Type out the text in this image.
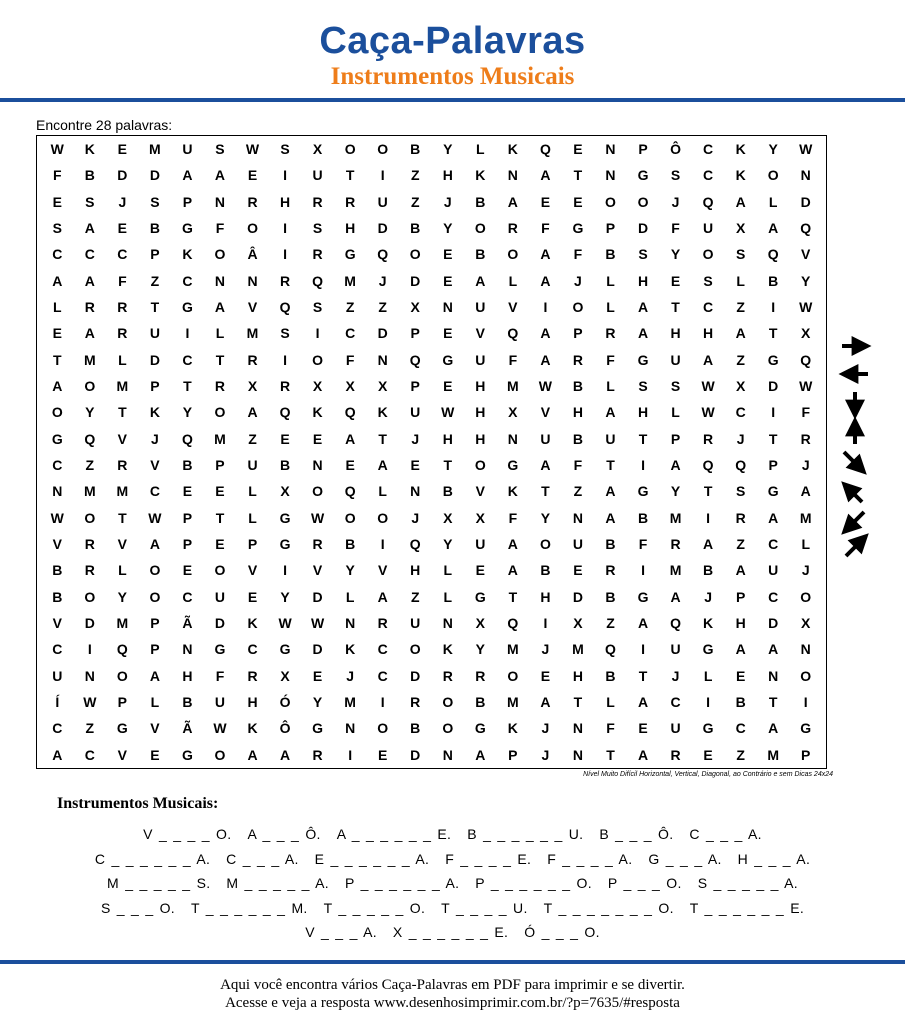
Caça-Palavras
Instrumentos Musicais
Encontre 28 palavras:
W	K	E	M	U	S	W	S	X	O	O	B	Y	L	K	Q	E	N	P	Ô	C	K	Y	W
F	B	D	D	A	A	E	I	U	T	I	Z	H	K	N	A	T	N	G	S	C	K	O	N
E	S	J	S	P	N	R	H	R	R	U	Z	J	B	A	E	E	O	O	J	Q	A	L	D
S	A	E	B	G	F	O	I	S	H	D	B	Y	O	R	F	G	P	D	F	U	X	A	Q
C	C	C	P	K	O	Â	I	R	G	Q	O	E	B	O	A	F	B	S	Y	O	S	Q	V
A	A	F	Z	C	N	N	R	Q	M	J	D	E	A	L	A	J	L	H	E	S	L	B	Y
L	R	R	T	G	A	V	Q	S	Z	Z	X	N	U	V	I	O	L	A	T	C	Z	I	W
E	A	R	U	I	L	M	S	I	C	D	P	E	V	Q	A	P	R	A	H	H	A	T	X
T	M	L	D	C	T	R	I	O	F	N	Q	G	U	F	A	R	F	G	U	A	Z	G	Q
A	O	M	P	T	R	X	R	X	X	X	P	E	H	M	W	B	L	S	S	W	X	D	W
O	Y	T	K	Y	O	A	Q	K	Q	K	U	W	H	X	V	H	A	H	L	W	C	I	F
G	Q	V	J	Q	M	Z	E	E	A	T	J	H	H	N	U	B	U	T	P	R	J	T	R
C	Z	R	V	B	P	U	B	N	E	A	E	T	O	G	A	F	T	I	A	Q	Q	P	J
N	M	M	C	E	E	L	X	O	Q	L	N	B	V	K	T	Z	A	G	Y	T	S	G	A
W	O	T	W	P	T	L	G	W	O	O	J	X	X	F	Y	N	A	B	M	I	R	A	M
V	R	V	A	P	E	P	G	R	B	I	Q	Y	U	A	O	U	B	F	R	A	Z	C	L
B	R	L	O	E	O	V	I	V	Y	V	H	L	E	A	B	E	R	I	M	B	A	U	J
B	O	Y	O	C	U	E	Y	D	L	A	Z	L	G	T	H	D	B	G	A	J	P	C	O
V	D	M	P	Ã	D	K	W	W	N	R	U	N	X	Q	I	X	Z	A	Q	K	H	D	X
C	I	Q	P	N	G	C	G	D	K	C	O	K	Y	M	J	M	Q	I	U	G	A	A	N
U	N	O	A	H	F	R	X	E	J	C	D	R	R	O	E	H	B	T	J	L	E	N	O
Í	W	P	L	B	U	H	Ó	Y	M	I	R	O	B	M	A	T	L	A	C	I	B	T	I
C	Z	G	V	Ã	W	K	Ô	G	N	O	B	O	G	K	J	N	F	E	U	G	C	A	G
A	C	V	E	G	O	A	A	R	I	E	D	N	A	P	J	N	T	A	R	E	Z	M	P
Nível Muito Difícil Horizontal, Vertical, Diagonal, ao Contrário e sem Dicas 24x24
Instrumentos Musicais:
V _ _ _ _ O. A _ _ _ Ô. A _ _ _ _ _ _ E. B _ _ _ _ _ _ U. B _ _ _ Ô. C _ _ _ A.
C _ _ _ _ _ _ A. C _ _ _ A. E _ _ _ _ _ _ A. F _ _ _ _ E. F _ _ _ _ A. G _ _ _ A. H _ _ _ A.
M _ _ _ _ _ S. M _ _ _ _ _ A. P _ _ _ _ _ _ A. P _ _ _ _ _ _ O. P _ _ _ O. S _ _ _ _ _ A.
S _ _ _ O. T _ _ _ _ _ _ M. T _ _ _ _ _ O. T _ _ _ _ U. T _ _ _ _ _ _ _ O. T _ _ _ _ _ _ E.
V _ _ _ A. X _ _ _ _ _ _ E. Ó _ _ _ O.
Aqui você encontra vários Caça-Palavras em PDF para imprimir e se divertir.
Acesse e veja a resposta www.desenhosimprimir.com.br/?p=7635/#resposta
